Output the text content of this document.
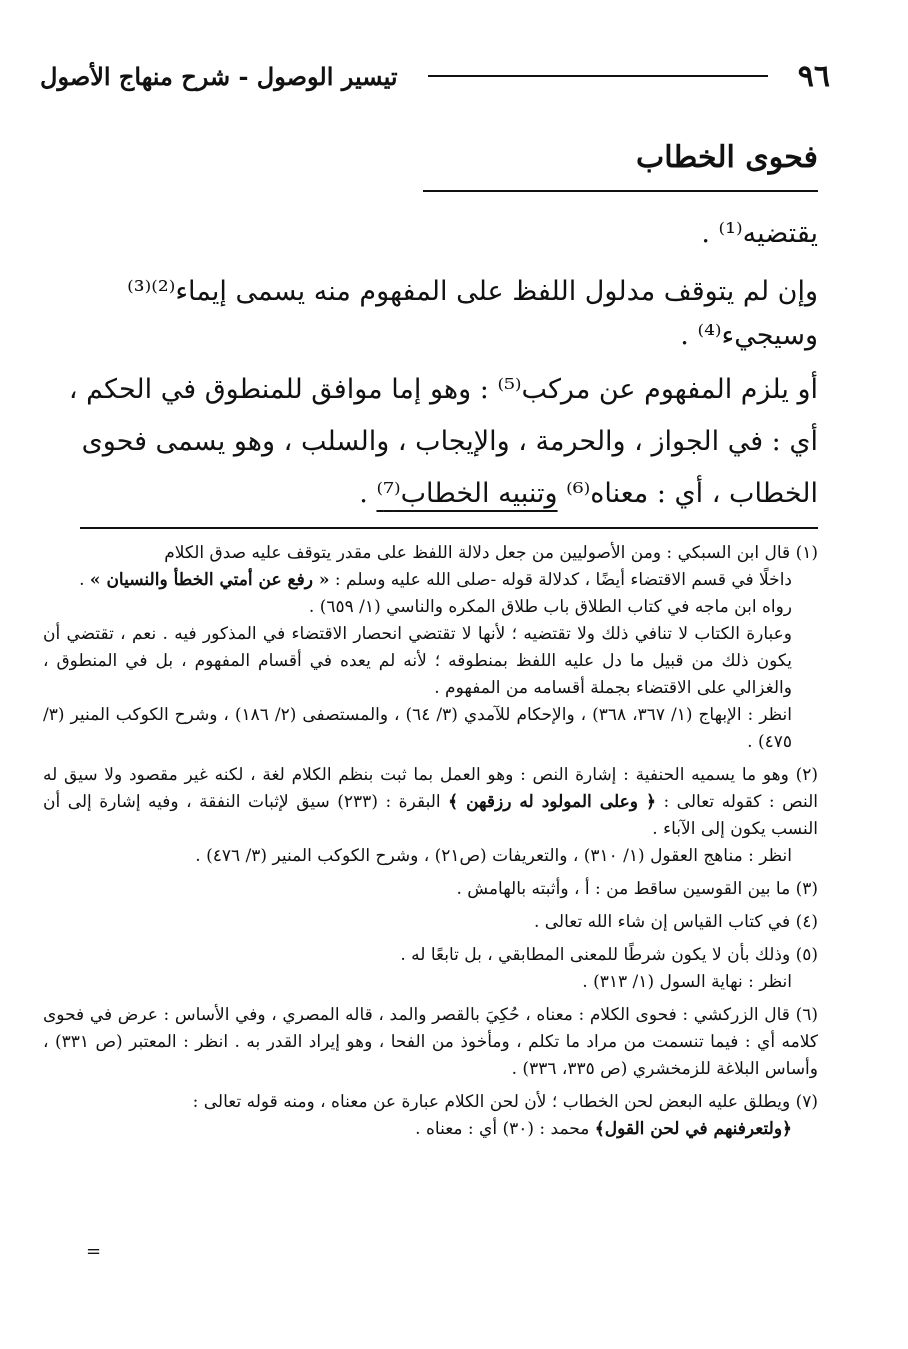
٩٦
تيسير الوصول - شرح منهاج الأصول
فحوى الخطاب

يقتضيه⁽¹⁾ .

وإن لم يتوقف مدلول اللفظ على المفهوم منه يسمى إيماء⁽²⁾⁽³⁾

وسيجيء⁽⁴⁾ .

أو يلزم المفهوم عن مركب⁽⁵⁾ : وهو إما موافق للمنطوق في الحكم ،

أي : في الجواز ، والحرمة ، والإيجاب ، والسلب ، وهو يسمى فحوى

الخطاب ، أي : معناه⁽⁶⁾ وتنبيه الخطاب⁽⁷⁾ .

(١) قال ابن السبكي : ومن الأصوليين من جعل دلالة اللفظ على مقدر يتوقف عليه صدق الكلام
داخلًا في قسم الاقتضاء أيضًا ، كدلالة قوله -صلى الله عليه وسلم : « رفع عن أمتي الخطأ والنسيان » .
رواه ابن ماجه في كتاب الطلاق باب طلاق المكره والناسي (١/ ٦٥٩) .
وعبارة الكتاب لا تنافي ذلك ولا تقتضيه ؛ لأنها لا تقتضي انحصار الاقتضاء في المذكور فيه . نعم ، تقتضي أن يكون ذلك من قبيل ما دل عليه اللفظ بمنطوقه ؛ لأنه لم يعده في أقسام المفهوم ، بل في المنطوق ، والغزالي على الاقتضاء بجملة أقسامه من المفهوم .
انظر : الإبهاج (١/ ٣٦٧، ٣٦٨) ، والإحكام للآمدي (٣/ ٦٤) ، والمستصفى (٢/ ١٨٦) ، وشرح الكوكب المنير (٣/ ٤٧٥) .
(٢) وهو ما يسميه الحنفية : إشارة النص : وهو العمل بما ثبت بنظم الكلام لغة ، لكنه غير مقصود ولا سيق له النص : كقوله تعالى : ﴿ وعلى المولود له رزقهن ﴾ البقرة : (٢٣٣) سيق لإثبات النفقة ، وفيه إشارة إلى أن النسب يكون إلى الآباء .
انظر : مناهج العقول (١/ ٣١٠) ، والتعريفات (ص٢١) ، وشرح الكوكب المنير (٣/ ٤٧٦) .
(٣) ما بين القوسين ساقط من : أ ، وأثبته بالهامش .
(٤) في كتاب القياس إن شاء الله تعالى .
(٥) وذلك بأن لا يكون شرطًا للمعنى المطابقي ، بل تابعًا له .
انظر : نهاية السول (١/ ٣١٣) .
(٦) قال الزركشي : فحوى الكلام : معناه ، حُكِيَ بالقصر والمد ، قاله المصري ، وفي الأساس : عرض في فحوى كلامه أي : فيما تنسمت من مراد ما تكلم ، ومأخوذ من الفحا ، وهو إيراد القدر به . انظر : المعتبر (ص ٣٣١) ، وأساس البلاغة للزمخشري (ص ٣٣٥، ٣٣٦) .
(٧) ويطلق عليه البعض لحن الخطاب ؛ لأن لحن الكلام عبارة عن معناه ، ومنه قوله تعالى :
﴿ولتعرفنهم في لحن القول﴾ محمد : (٣٠) أي : معناه .
=
